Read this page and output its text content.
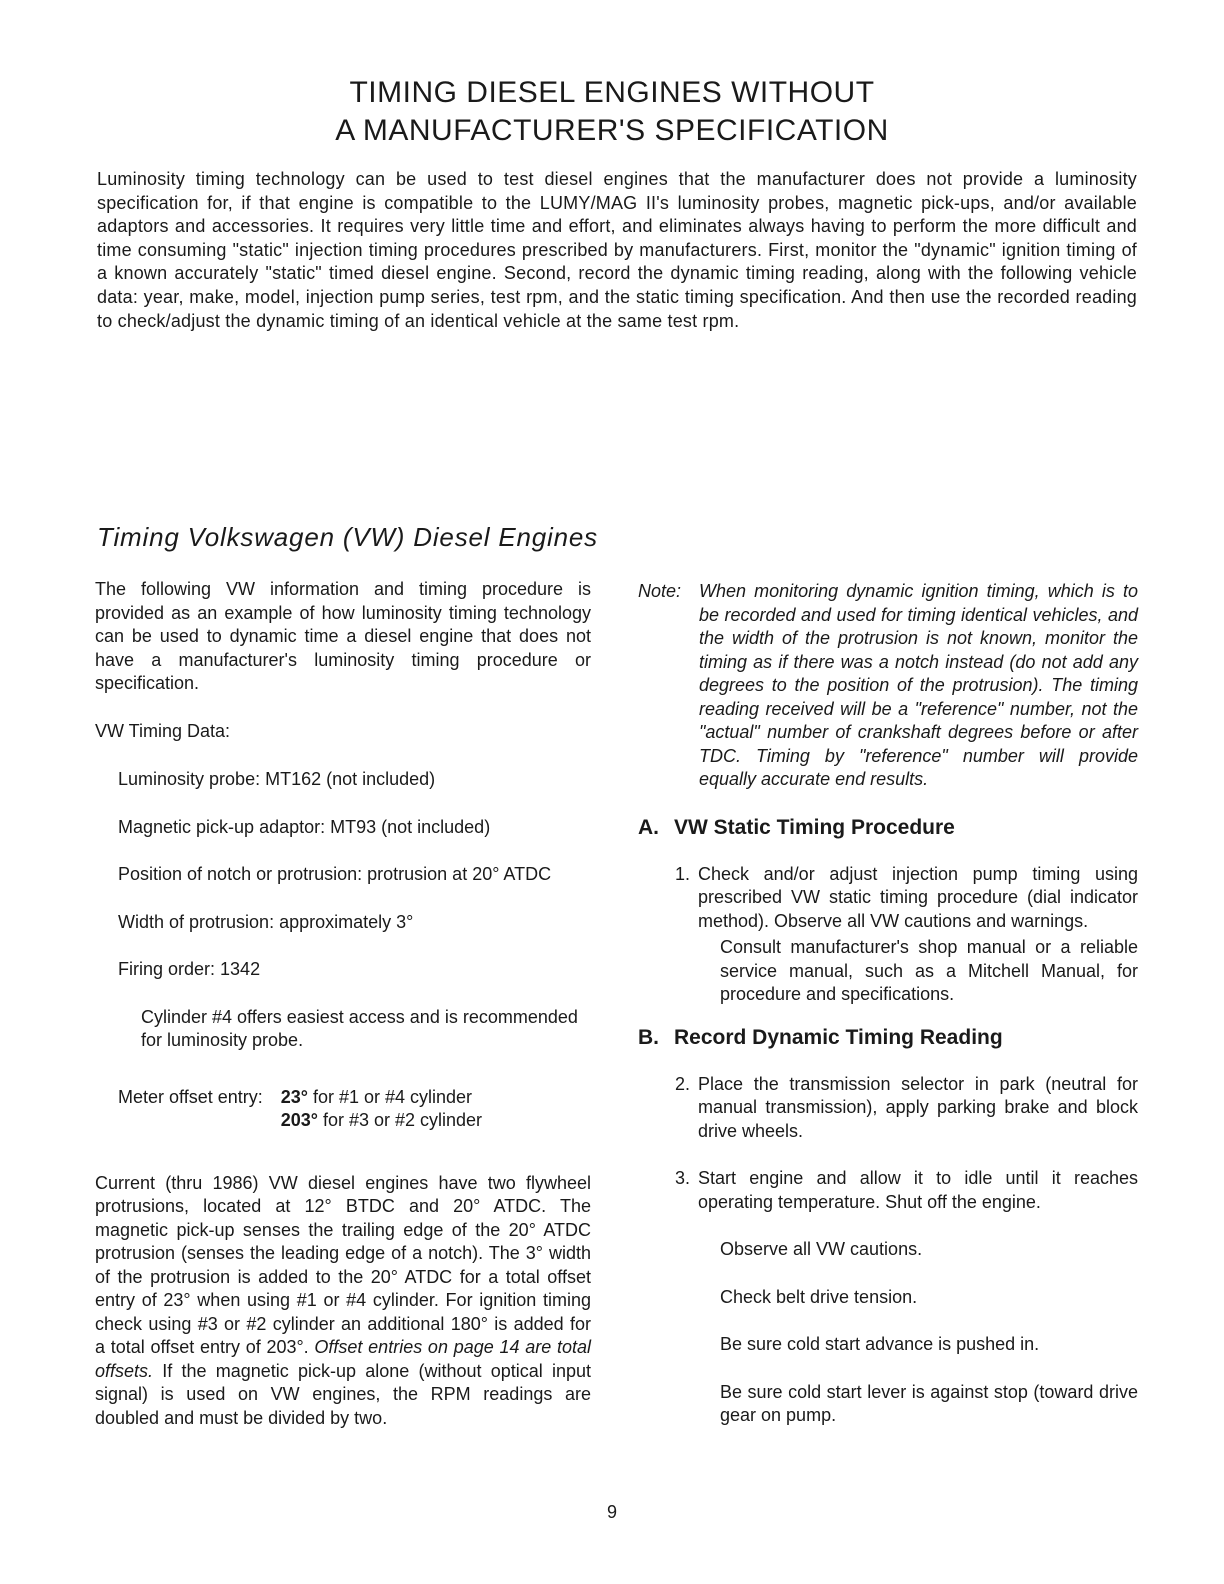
TIMING DIESEL ENGINES WITHOUT
A MANUFACTURER'S SPECIFICATION

Luminosity timing technology can be used to test diesel engines that the manufacturer does not provide a luminosity specification for, if that engine is compatible to the LUMY/MAG II's luminosity probes, magnetic pick-ups, and/or available adaptors and accessories. It requires very little time and effort, and eliminates always having to perform the more difficult and time consuming "static" injection timing procedures prescribed by manufacturers. First, monitor the "dynamic" ignition timing of a known accurately "static" timed diesel engine. Second, record the dynamic timing reading, along with the following vehicle data: year, make, model, injection pump series, test rpm, and the static timing specification. And then use the recorded reading to check/adjust the dynamic timing of an identical vehicle at the same test rpm.

Timing Volkswagen (VW) Diesel Engines

The following VW information and timing procedure is provided as an example of how luminosity timing technology can be used to dynamic time a diesel engine that does not have a manufacturer's luminosity timing procedure or specification.

VW Timing Data:

Luminosity probe: MT162 (not included)

Magnetic pick-up adaptor: MT93 (not included)

Position of notch or protrusion: protrusion at 20° ATDC

Width of protrusion: approximately 3°

Firing order: 1342

Cylinder #4 offers easiest access and is recommended for luminosity probe.

Meter offset entry: 23° for #1 or #4 cylinder
203° for #3 or #2 cylinder

Current (thru 1986) VW diesel engines have two flywheel protrusions, located at 12° BTDC and 20° ATDC. The magnetic pick-up senses the trailing edge of the 20° ATDC protrusion (senses the leading edge of a notch). The 3° width of the protrusion is added to the 20° ATDC for a total offset entry of 23° when using #1 or #4 cylinder. For ignition timing check using #3 or #2 cylinder an additional 180° is added for a total offset entry of 203°. Offset entries on page 14 are total offsets. If the magnetic pick-up alone (without optical input signal) is used on VW engines, the RPM readings are doubled and must be divided by two.

Note: When monitoring dynamic ignition timing, which is to be recorded and used for timing identical vehicles, and the width of the protrusion is not known, monitor the timing as if there was a notch instead (do not add any degrees to the position of the protrusion). The timing reading received will be a "reference" number, not the "actual" number of crankshaft degrees before or after TDC. Timing by "reference" number will provide equally accurate end results.
A. VW Static Timing Procedure
1. Check and/or adjust injection pump timing using prescribed VW static timing procedure (dial indicator method). Observe all VW cautions and warnings.

Consult manufacturer's shop manual or a reliable service manual, such as a Mitchell Manual, for procedure and specifications.

B. Record Dynamic Timing Reading
2. Place the transmission selector in park (neutral for manual transmission), apply parking brake and block drive wheels.
3. Start engine and allow it to idle until it reaches operating temperature. Shut off the engine.

Observe all VW cautions.

Check belt drive tension.

Be sure cold start advance is pushed in.

Be sure cold start lever is against stop (toward drive gear on pump.

9
